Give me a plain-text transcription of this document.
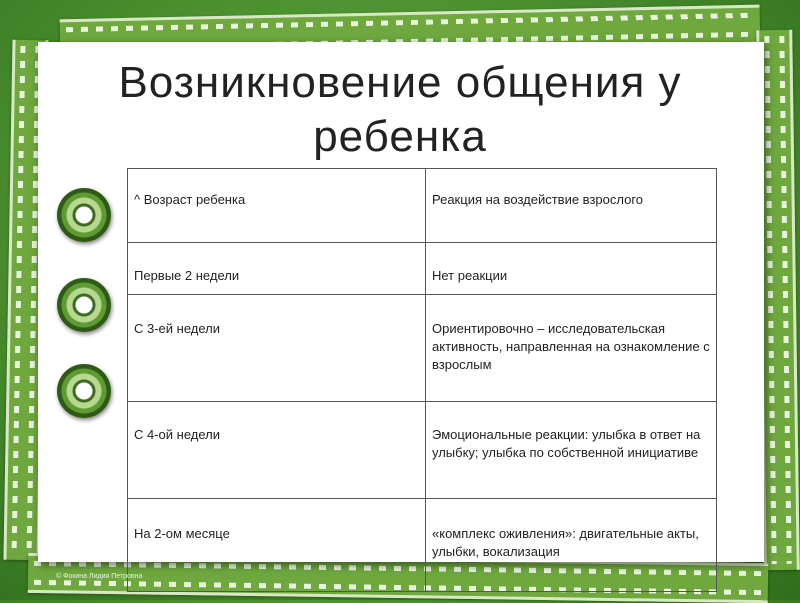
Возникновение общения у
ребенка
^ Возраст ребенка	Реакция на воздействие взрослого
Первые 2 недели	Нет реакции
С 3-ей недели	Ориентировочно – исследовательская активность, направленная на ознакомление с взрослым
С 4-ой недели	Эмоциональные реакции: улыбка в ответ на улыбку; улыбка по собственной инициативе
На 2-ом месяце	«комплекс оживления»: двигательные акты, улыбки, вокализация
© Фокина Лидия Петровна
